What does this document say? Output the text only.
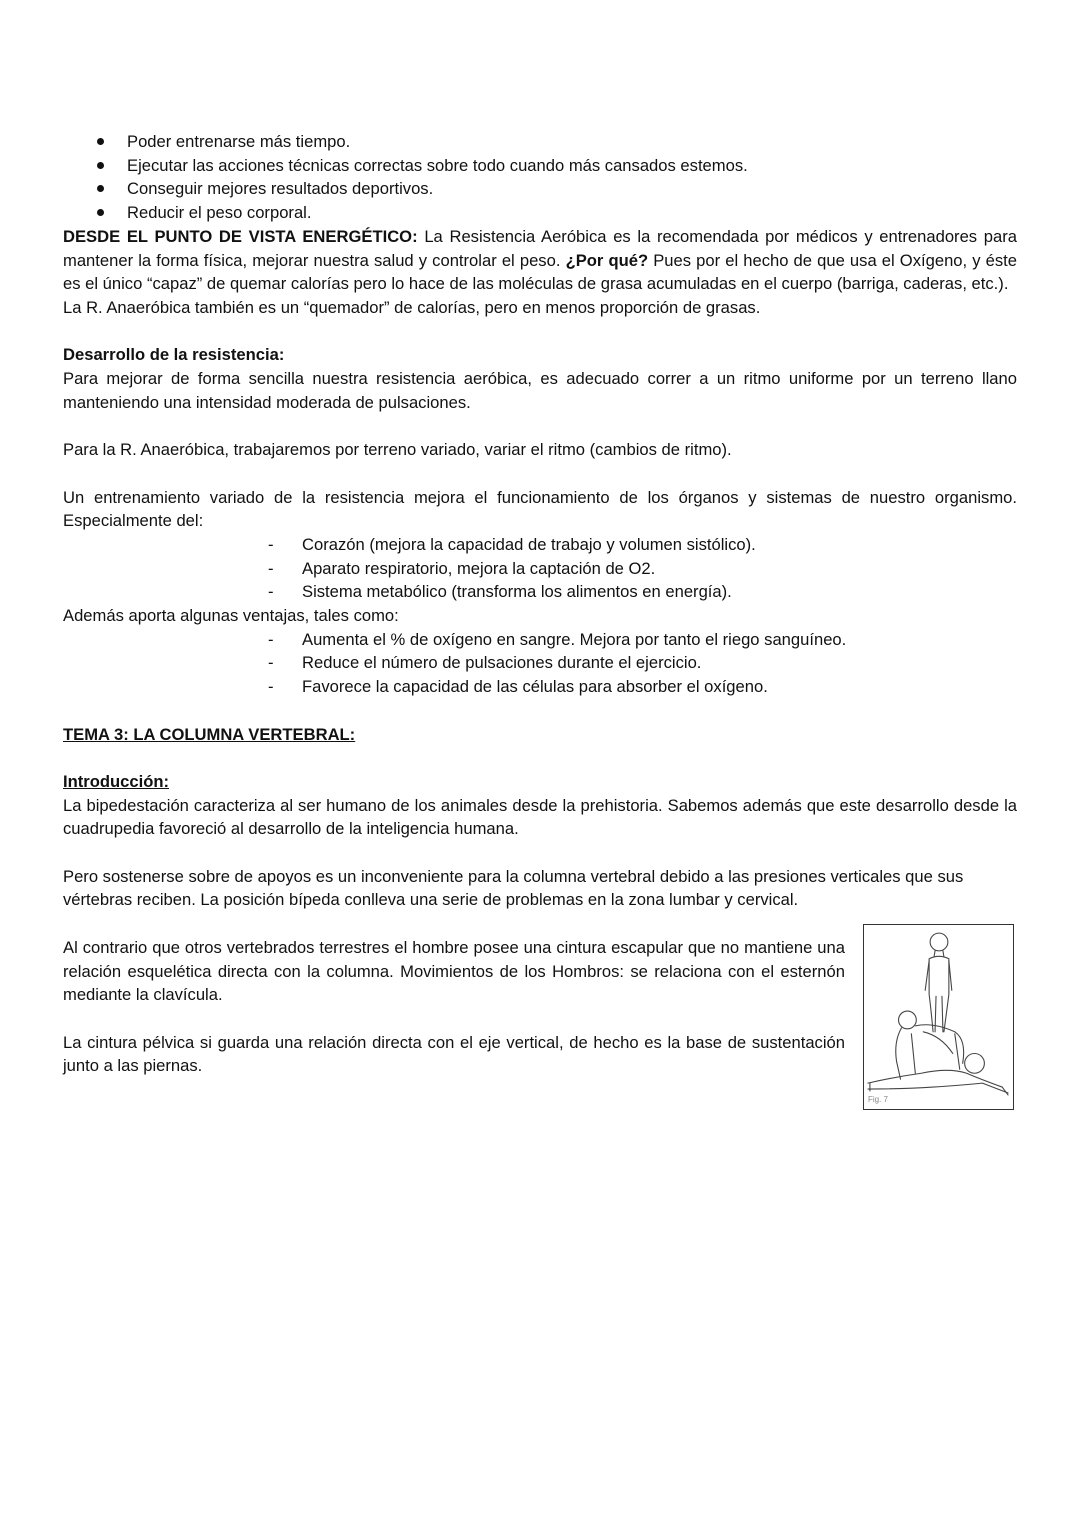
Poder entrenarse más tiempo.
Ejecutar las acciones técnicas correctas sobre todo cuando más cansados estemos.
Conseguir mejores resultados deportivos.
Reducir el peso corporal.

DESDE EL PUNTO DE VISTA ENERGÉTICO: La Resistencia Aeróbica es la recomendada por médicos y entrenadores para mantener la forma física, mejorar nuestra salud y controlar el peso. ¿Por qué? Pues por el hecho de que usa el Oxígeno, y éste es el único “capaz” de quemar calorías pero lo hace de las moléculas de grasa acumuladas en el cuerpo (barriga, caderas, etc.).

La R. Anaeróbica también es un “quemador” de calorías, pero en menos proporción de grasas.

Desarrollo de la resistencia:

Para mejorar de forma sencilla nuestra resistencia aeróbica, es adecuado correr a un ritmo uniforme por un terreno llano manteniendo una intensidad moderada de pulsaciones.

Para la R. Anaeróbica, trabajaremos por terreno variado, variar el ritmo (cambios de ritmo).

Un entrenamiento variado de la resistencia mejora el funcionamiento de los órganos y sistemas de nuestro organismo. Especialmente del:

- Corazón (mejora la capacidad de trabajo y volumen sistólico).
- Aparato respiratorio, mejora la captación de O2.
- Sistema metabólico (transforma los alimentos en energía).

Además aporta algunas ventajas, tales como:

- Aumenta el % de oxígeno en sangre. Mejora por tanto el riego sanguíneo.
- Reduce el número de pulsaciones durante el ejercicio.
- Favorece la capacidad de las células para absorber el oxígeno.

TEMA 3: LA COLUMNA VERTEBRAL:

Introducción:

La bipedestación caracteriza al ser humano de los animales desde la prehistoria. Sabemos además que este desarrollo desde la cuadrupedia favoreció al desarrollo de la inteligencia humana.

Pero sostenerse sobre de apoyos es un inconveniente para la columna vertebral debido a las presiones verticales que sus

vértebras reciben. La posición bípeda conlleva una serie de problemas en la zona lumbar y cervical.

Al contrario que otros vertebrados terrestres el hombre posee una cintura escapular que no mantiene una relación esquelética directa con la columna. Movimientos de los Hombros: se relaciona con el esternón mediante la clavícula.

La cintura pélvica si guarda una relación directa con el eje vertical, de hecho es la base de sustentación junto a las piernas.

Fig. 7
